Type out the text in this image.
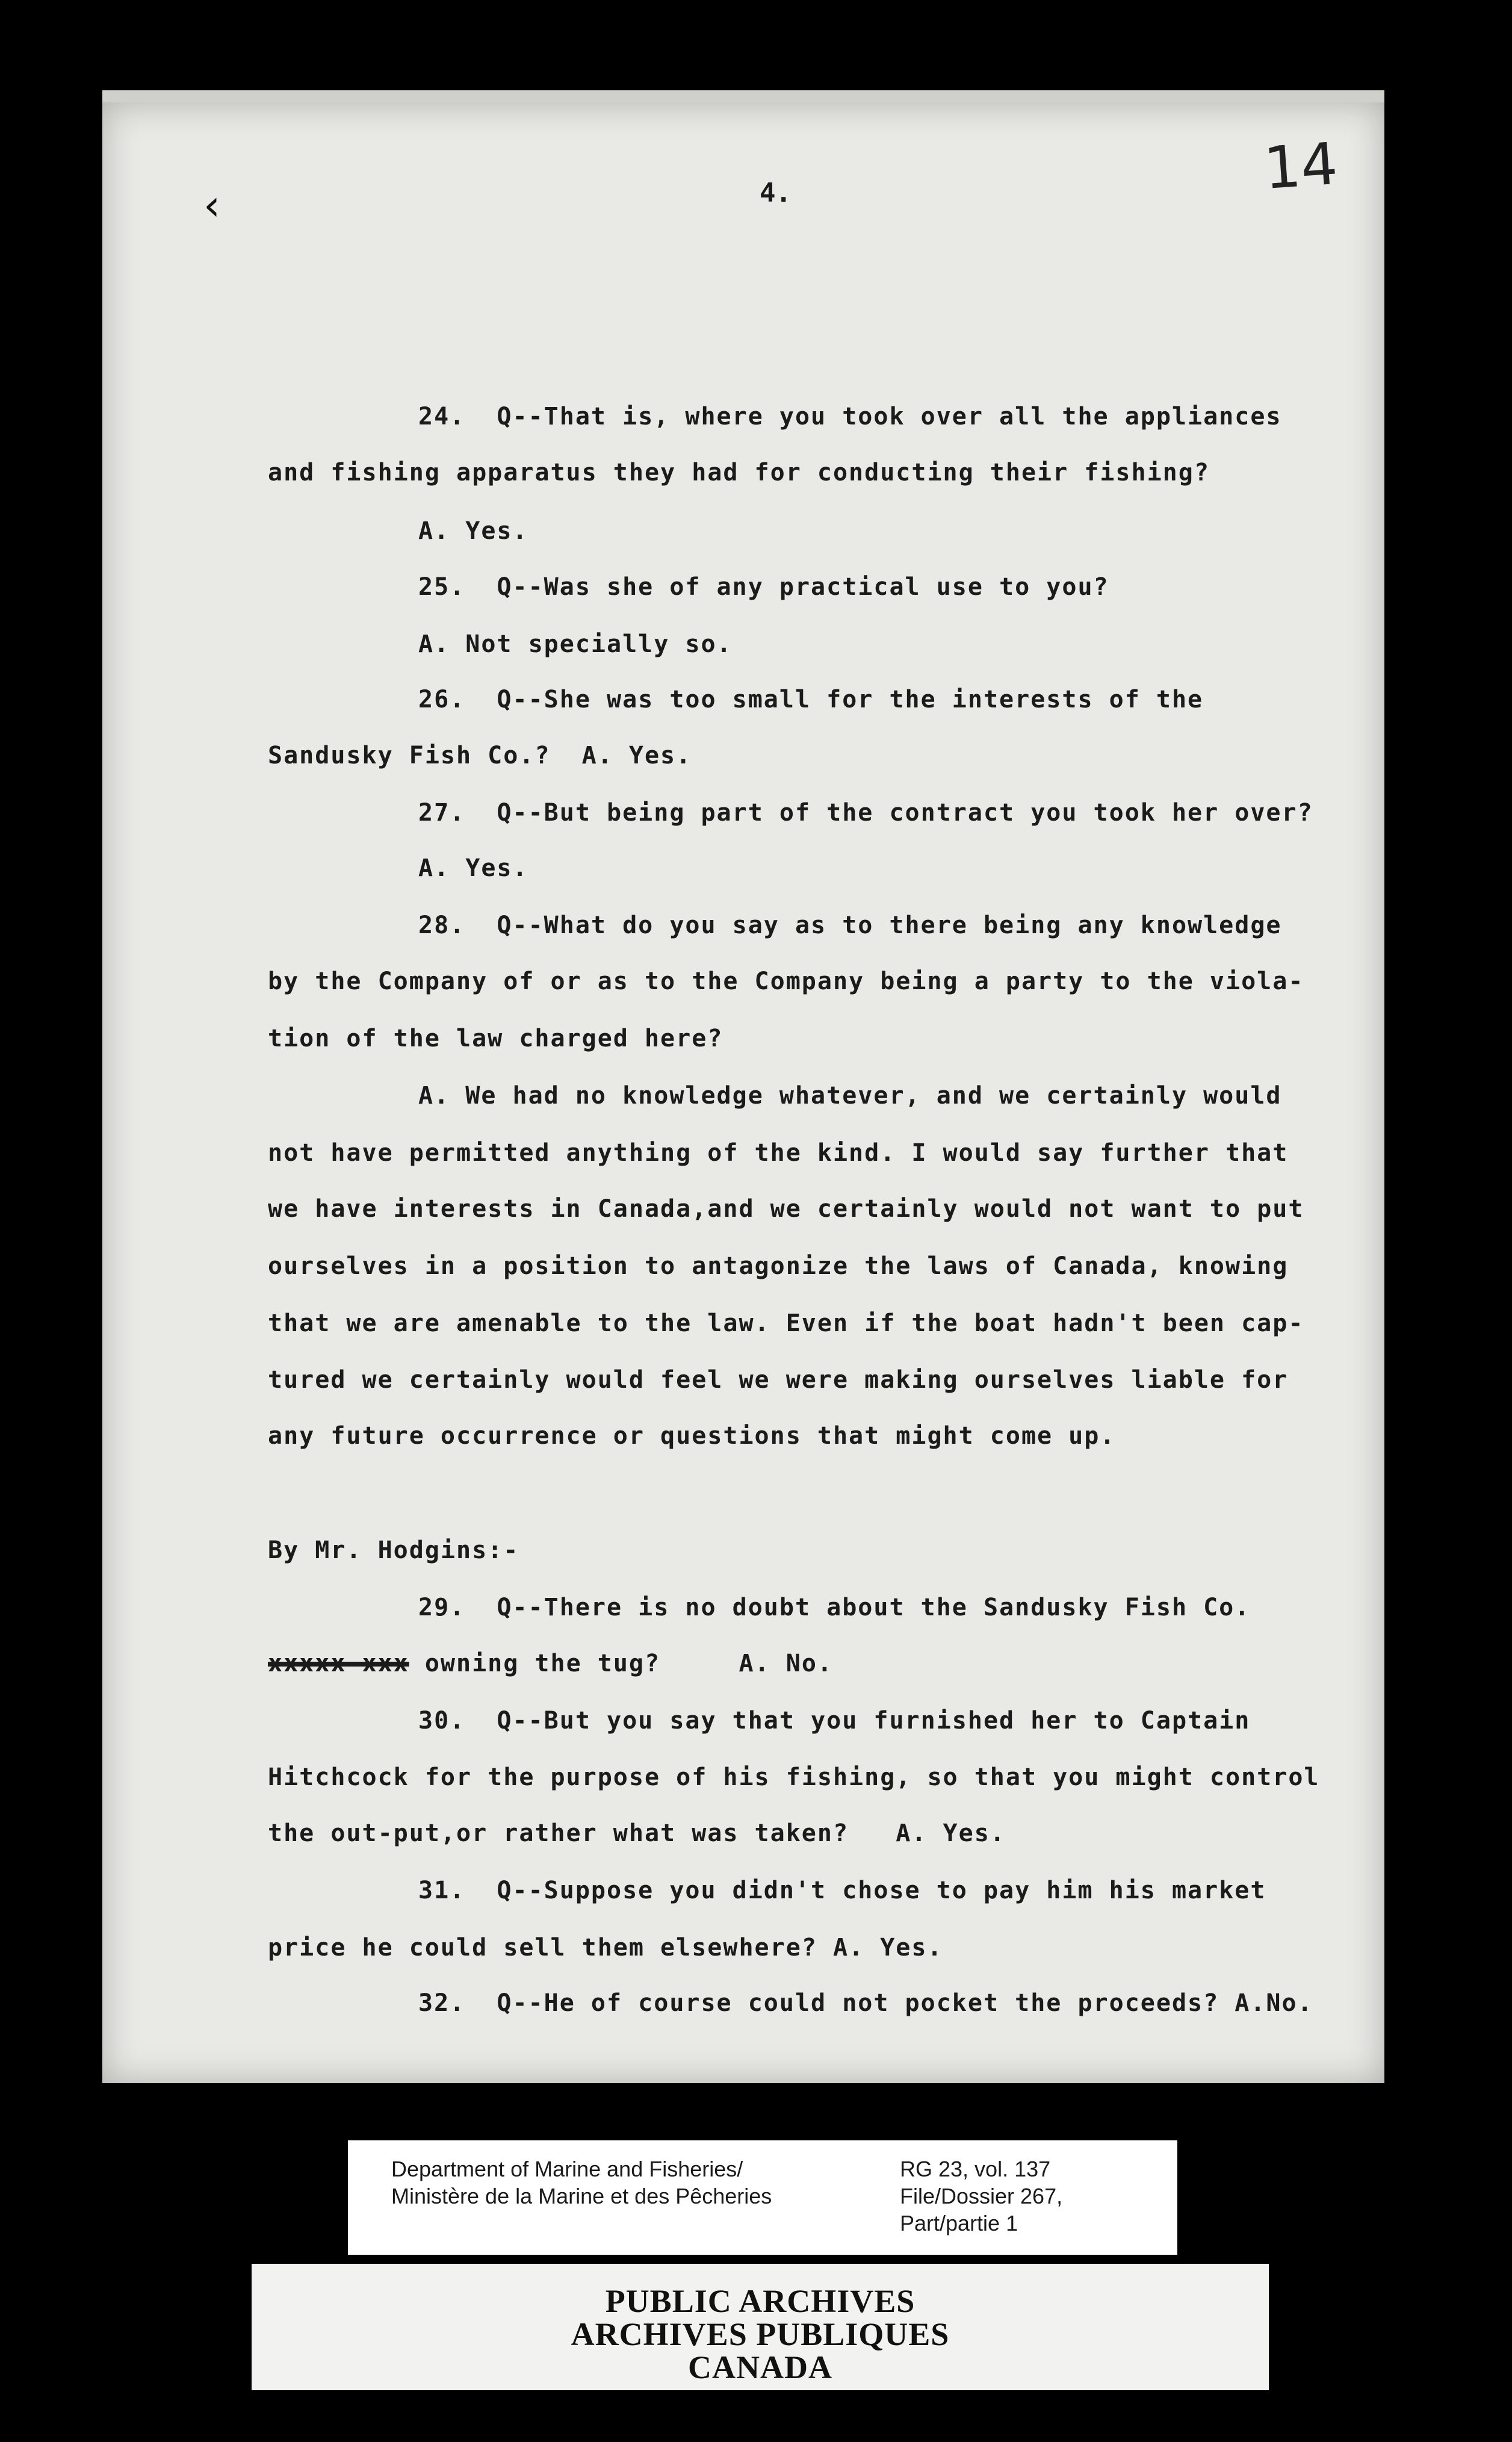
‹
14
4.
24.  Q--That is, where you took over all the appliances
and fishing apparatus they had for conducting their fishing?
A. Yes.
25.  Q--Was she of any practical use to you?
A. Not specially so.
26.  Q--She was too small for the interests of the
Sandusky Fish Co.?  A. Yes.
27.  Q--But being part of the contract you took her over?
A. Yes.
28.  Q--What do you say as to there being any knowledge
by the Company of or as to the Company being a party to the viola-
tion of the law charged here?
A. We had no knowledge whatever, and we certainly would
not have permitted anything of the kind. I would say further that
we have interests in Canada,and we certainly would not want to put
ourselves in a position to antagonize the laws of Canada, knowing
that we are amenable to the law. Even if the boat hadn't been cap-
tured we certainly would feel we were making ourselves liable for
any future occurrence or questions that might come up.
By Mr. Hodgins:-
29.  Q--There is no doubt about the Sandusky Fish Co.
xxxxx xxx owning the tug?     A. No.
30.  Q--But you say that you furnished her to Captain
Hitchcock for the purpose of his fishing, so that you might control
the out-put,or rather what was taken?   A. Yes.
31.  Q--Suppose you didn't chose to pay him his market
price he could sell them elsewhere? A. Yes.
32.  Q--He of course could not pocket the proceeds? A.No.
Department of Marine and Fisheries/
Ministère de la Marine et des Pêcheries
RG 23, vol. 137
File/Dossier 267,
Part/partie 1
PUBLIC ARCHIVES
ARCHIVES PUBLIQUES
CANADA
